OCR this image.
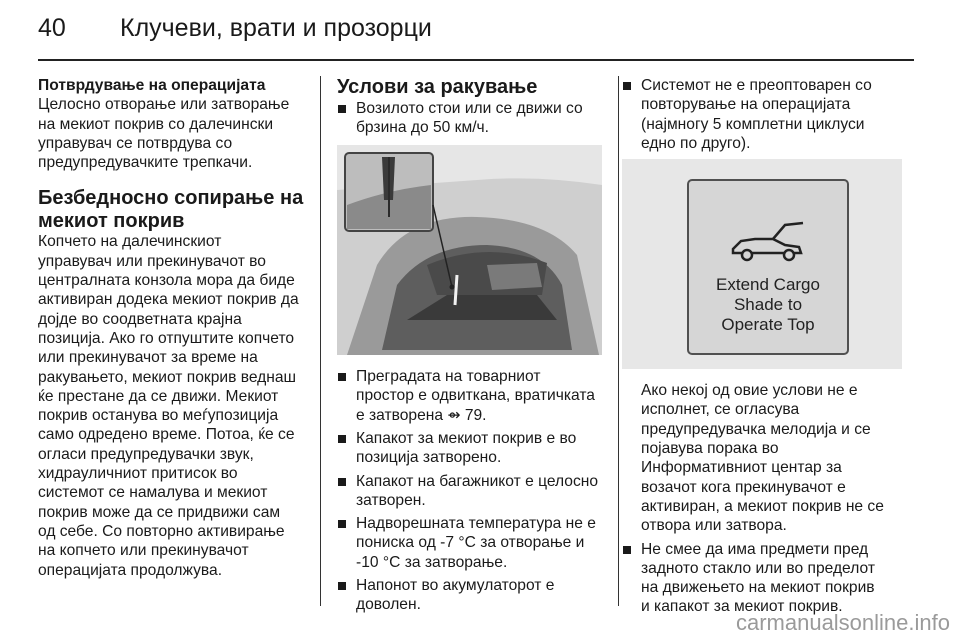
40 Клучеви, врати и прозорци

Потврдување на операцијата

Целосно отворање или затворање

на мекиот покрив со далечински

управувач се потврдува со

предупредувачките трепкачи.

Безбедносно сопирање на

мекиот покрив

Копчето на далечинскиот

управувач или прекинувачот во

централната конзола мора да биде

активиран додека мекиот покрив да

дојде во соодветната крајна

позиција. Ако го отпуштите копчето

или прекинувачот за време на

ракувањето, мекиот покрив веднаш

ќе престане да се движи. Мекиот

покрив останува во меѓупозиција

само одредено време. Потоа, ќе се

огласи предупредувачки звук,

хидрауличниот притисок во

системот се намалува и мекиот

покрив може да се придвижи сам

од себе. Со повторно активирање

на копчето или прекинувачот

операцијата продолжува.

Услови за ракување

Возилото стои или се движи со
брзина до 50 км/ч.
Преградата на товарниот
простор е одвиткана, вратичката
е затворена ⇴ 79.
Капакот за мекиот покрив е во
позиција затворено.
Капакот на багажникот е целосно
затворен.
Надворешната температура не е
пониска од -7 °C за отворање и
-10 °C за затворање.
Напонот во акумулаторот е
доволен.
Системот не е преоптоварен со
повторување на операцијата
(најмногу 5 комплетни циклуси
едно по друго).
Extend Cargo
Shade to
Operate Top

Ако некој од овие услови не е

исполнет, се огласува

предупредувачка мелодија и се

појавува порака во

Информативниот центар за

возачот кога прекинувачот е

активиран, а мекиот покрив не се

отвора или затвора.

Не смее да има предмети пред
задното стакло или во пределот
на движењето на мекиот покрив
и капакот за мекиот покрив.
carmanualsonline.info
